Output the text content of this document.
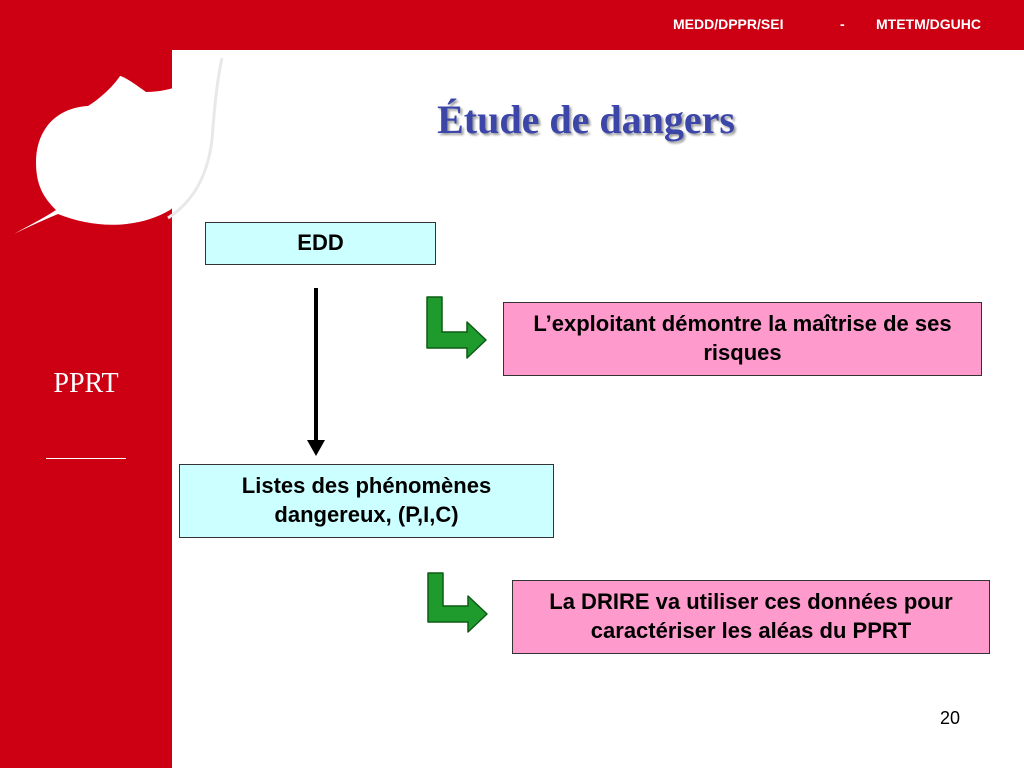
MEDD/DPPR/SEI	- MTETM/DGUHC
PPRT
Étude de dangers
EDD
L’exploitant démontre la maîtrise de ses risques
Listes des phénomènes dangereux, (P,I,C)
La DRIRE va utiliser ces données pour caractériser les aléas du PPRT
20
